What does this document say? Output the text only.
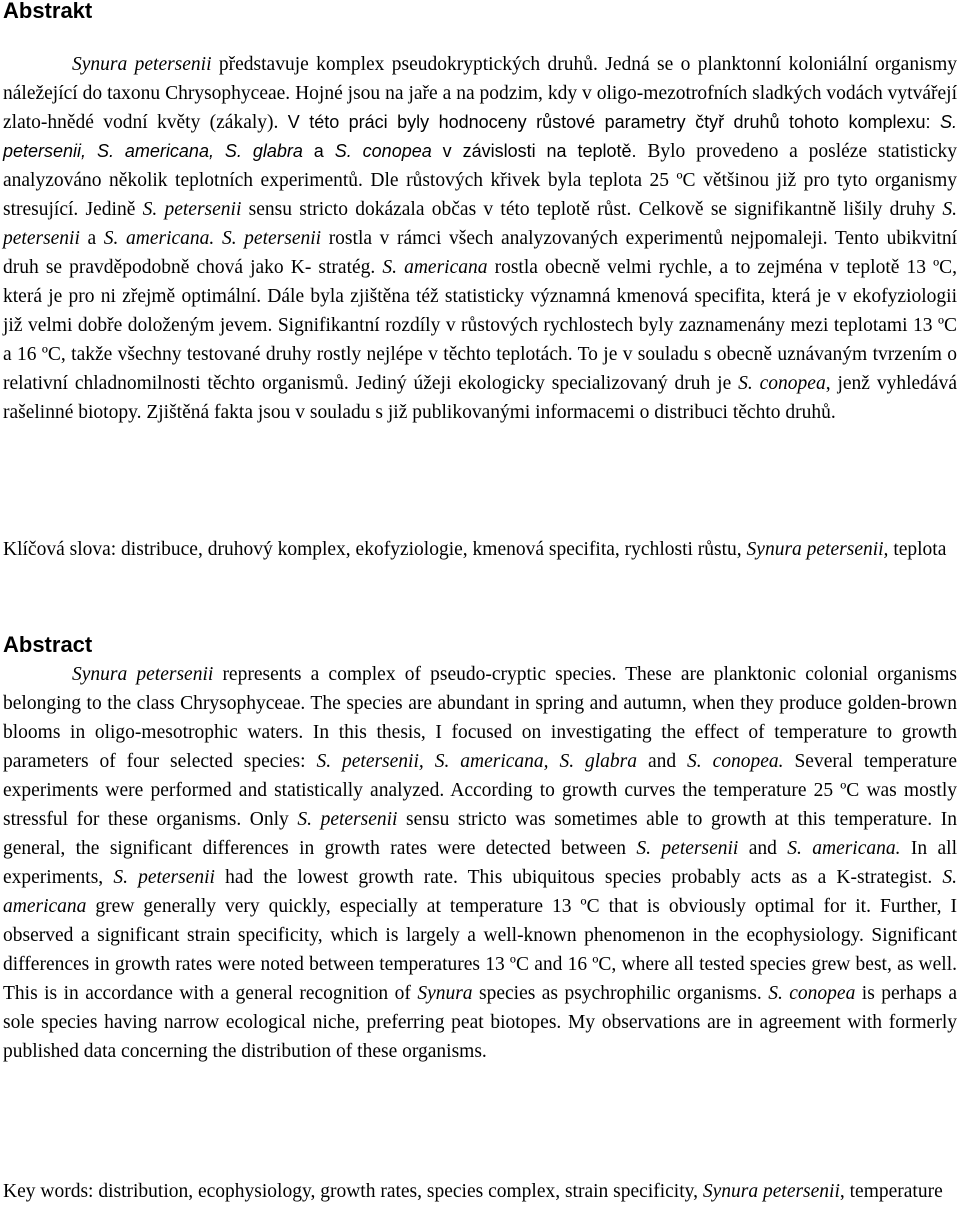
Abstrakt

Synura petersenii představuje komplex pseudokryptických druhů. Jedná se o planktonní koloniální organismy náležející do taxonu Chrysophyceae. Hojné jsou na jaře a na podzim, kdy v oligo-mezotrofních sladkých vodách vytvářejí zlato-hnědé vodní květy (zákaly). V této práci byly hodnoceny růstové parametry čtyř druhů tohoto komplexu: S. petersenii, S. americana, S. glabra a S. conopea v závislosti na teplotě. Bylo provedeno a posléze statisticky analyzováno několik teplotních experimentů. Dle růstových křivek byla teplota 25 ºC většinou již pro tyto organismy stresující. Jedině S. petersenii sensu stricto dokázala občas v této teplotě růst. Celkově se signifikantně lišily druhy S. petersenii a S. americana. S. petersenii rostla v rámci všech analyzovaných experimentů nejpomaleji. Tento ubikvitní druh se pravděpodobně chová jako K- stratég. S. americana rostla obecně velmi rychle, a to zejména v teplotě 13 ºC, která je pro ni zřejmě optimální. Dále byla zjištěna též statisticky významná kmenová specifita, která je v ekofyziologii již velmi dobře doloženým jevem. Signifikantní rozdíly v růstových rychlostech byly zaznamenány mezi teplotami 13 ºC a 16 ºC, takže všechny testované druhy rostly nejlépe v těchto teplotách. To je v souladu s obecně uznávaným tvrzením o relativní chladnomilnosti těchto organismů. Jediný úžeji ekologicky specializovaný druh je S. conopea, jenž vyhledává rašelinné biotopy. Zjištěná fakta jsou v souladu s již publikovanými informacemi o distribuci těchto druhů.

Klíčová slova: distribuce, druhový komplex, ekofyziologie, kmenová specifita, rychlosti růstu, Synura petersenii, teplota

Abstract

Synura petersenii represents a complex of pseudo-cryptic species. These are planktonic colonial organisms belonging to the class Chrysophyceae. The species are abundant in spring and autumn, when they produce golden-brown blooms in oligo-mesotrophic waters. In this thesis, I focused on investigating the effect of temperature to growth parameters of four selected species: S. petersenii, S. americana, S. glabra and S. conopea. Several temperature experiments were performed and statistically analyzed. According to growth curves the temperature 25 ºC was mostly stressful for these organisms. Only S. petersenii sensu stricto was sometimes able to growth at this temperature. In general, the significant differences in growth rates were detected between S. petersenii and S. americana. In all experiments, S. petersenii had the lowest growth rate. This ubiquitous species probably acts as a K-strategist. S. americana grew generally very quickly, especially at temperature 13 ºC that is obviously optimal for it. Further, I observed a significant strain specificity, which is largely a well-known phenomenon in the ecophysiology. Significant differences in growth rates were noted between temperatures 13 ºC and 16 ºC, where all tested species grew best, as well. This is in accordance with a general recognition of Synura species as psychrophilic organisms. S. conopea is perhaps a sole species having narrow ecological niche, preferring peat biotopes. My observations are in agreement with formerly published data concerning the distribution of these organisms.

Key words: distribution, ecophysiology, growth rates, species complex, strain specificity, Synura petersenii, temperature
